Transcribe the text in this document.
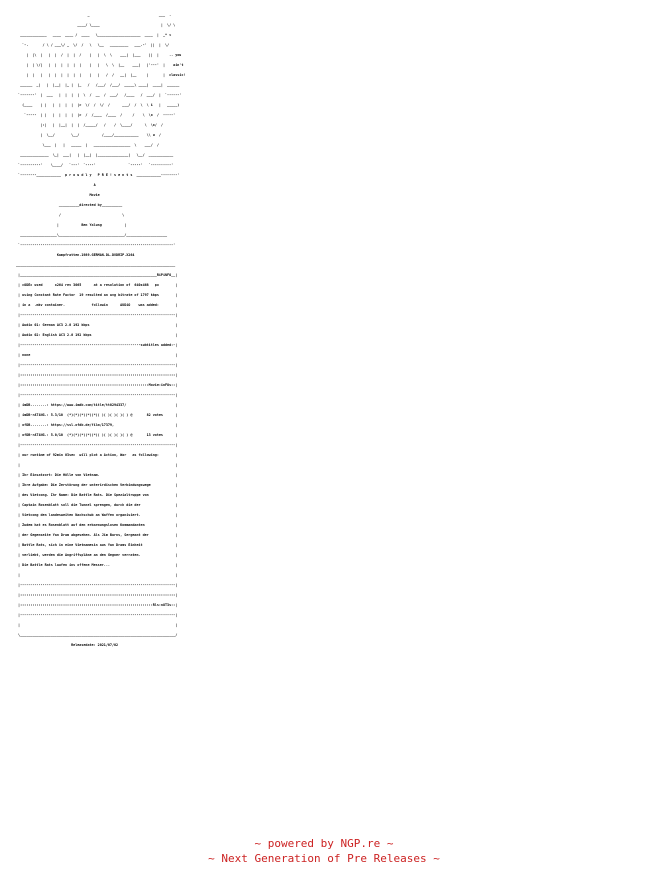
_                                  ___  .
____/ \____                              |  \/ \
_____________   ____  ____ /  ____   \_____________________  ____  |  _* <
`-.       / \ / ___\/ _  \/  /   \   \__   _________   ___.-'  ||  |  \/
|  |\  |   |  |  /  |  |  /    |   |  \  \    ___|  |___    ||  |     .. you
|  | \/|   |  |  |  |  |  |    |   |   \  \  |__    ___|   |'---'  |    ain't
|  |   |   |  |  |  |  |  |    |   |   /  /   __|  |__     |       |  classic!
______  _|   |  |__|  |_ |  |_   /   /___/  /___/  _____\ ____|  ____|  ______
`-------'  |  ___   |  |  |  |  \  /  __  /  ___/   /____   /  ___/  |  `------'
(____    | |   |  |  |  |  |>  \/  /  \/  /      ___/  /  \  \ i   |   _____)
`-----  | |   |  |  |  |  |>  /  /____  /____  /     /    \  \x  /  -----'
|:|   |  |__|  |  |  /_____/   /    /  \____/      \  \x/  /
|  \__/        \__/           /____/____________    \\ u  /
\___  |   |   _____  |   __________________  \    ___/  /
______________  \_|  ___|   |  |__|  |_______________|   \__/  ____________
`----------'    \____/   `---'  `----'                `-----'   `----------'
`--------____________  p r o u d l y   P R E ! s e n t s  ____________--------'
A
Movie
__________directed by__________
/                              \
|           Ben Yalung           |
__________________\________________________________/____________________
`---------------------------------------------------------------------------'
Kampfratten.1989.GERMAN.DL.DVDRIP.X264
______________________________________________________________________________
|___________________________________________________________________RiPiNFO__|
| cODEc used      x264 rev 3065      at a resolution of  640x468   px        |
| using Constant Rate Factor  19 resulted an avg bitrate of 1797 kbps        |
| in a  .mkv container.             followin      AUDiO    was added:        |
|----------------------------------------------------------------------------|
| Audio 01: German AC3 2.0 192 kbps                                          |
| Audio 02: English AC3 2.0 192 kbps                                         |
|-----------------------------------------------------------subtitles added:-|
| none                                                                       |
|----------------------------------------------------------------------------|
|::::::::::::::::::::::::::::::::::::::::::::::::::::::::::::::::::::::::::::|
|:::::::::::::::::::::::::::::::::::::::::::::::::::::::::::::::Movie:inFOs::|
|----------------------------------------------------------------------------|
| imDB........: https://www.imdb.com/title/tt0294337/                        |
| imDB-rATiNG.: 5.3/10  (*)(*)(*)(*)(*)( )( )( )( )( ) @       82 votes      |
| ofDB........: https://ssl.ofdb.de/film/17379,                              |
| ofDB-rATiNG.: 5.0/10  (*)(*)(*)(*)(*)( )( )( )( )( ) @       13 votes      |
|----------------------------------------------------------------------------|
| our runtime of 92min 03sec  will plot a Action, War   as following:        |
|                                                                            |
| Ihr Einsatzort: Die Hölle von Vietnam.                                     |
| Ihre Aufgabe: Die Zerstörung der unterirdischen Verbindungswege            |
| des Vietcong. Ihr Name: Die Battle Rats. Die Spezialtruppe von             |
| Captain Rosenblatt soll die Tunnel sprengen, durch die der                 |
| Vietcong den landesweiten Nachschub an Waffen organisiert.                 |
| Zudem hat es Rosenblatt auf den erbarmungslosen Kommandanten               |
| der Gegenseite Yan Dram abgesehen. Als Jim Burns, Sergeant der             |
| Battle Rats, sich in eine Vietnamesin aus Yan Drams Einheit                |
| verliebt, werden die Angriffspläne an den Gegner verraten.                 |
| Die Battle Rats laufen ins offene Messer...                                |
|                                                                            |
|----------------------------------------------------------------------------|
|::::::::::::::::::::::::::::::::::::::::::::::::::::::::::::::::::::::::::::|
|:::::::::::::::::::::::::::::::::::::::::::::::::::::::::::::::::Rls:nOT3s::|
|----------------------------------------------------------------------------|
|                                                                            |
\____________________________________________________________________________/
Releasedate: 2021/07/02
~ powered by NGP.re ~
~ Next Generation of Pre Releases ~
